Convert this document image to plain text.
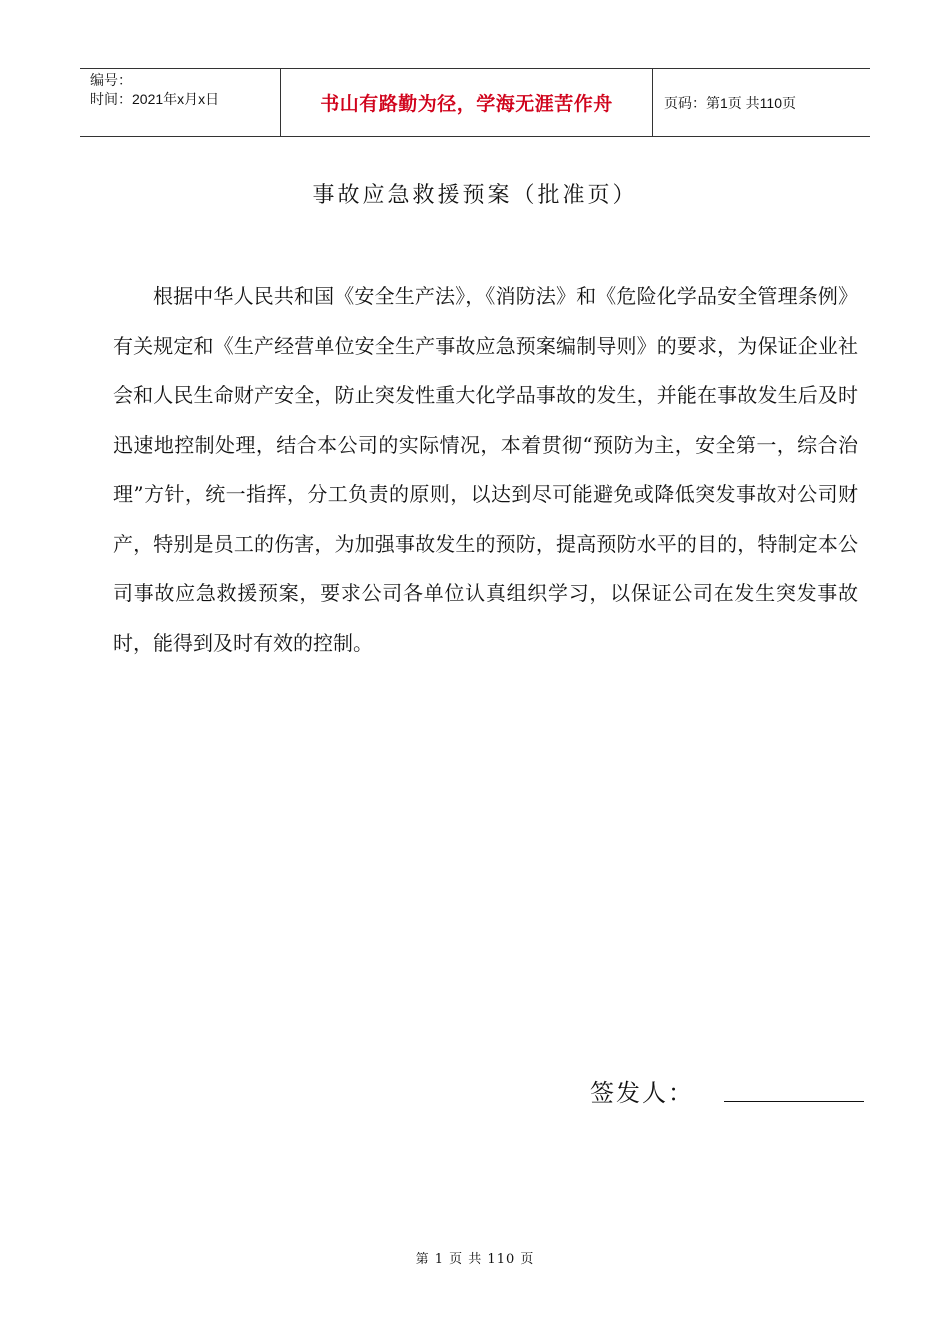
编号：
时间：2021年x月x日	书山有路勤为径，学海无涯苦作舟	页码：第1页 共110页
事故应急救援预案（批准页）

根据中华人民共和国《安全生产法》，《消防法》和《危险化学品安全管理条例》有关规定和《生产经营单位安全生产事故应急预案编制导则》的要求，为保证企业社会和人民生命财产安全，防止突发性重大化学品事故的发生，并能在事故发生后及时迅速地控制处理，结合本公司的实际情况，本着贯彻“预防为主，安全第一，综合治理”方针，统一指挥，分工负责的原则，以达到尽可能避免或降低突发事故对公司财产，特别是员工的伤害，为加强事故发生的预防，提高预防水平的目的，特制定本公司事故应急救援预案，要求公司各单位认真组织学习，以保证公司在发生突发事故时，能得到及时有效的控制。

签发人：
第 1 页 共 110 页
